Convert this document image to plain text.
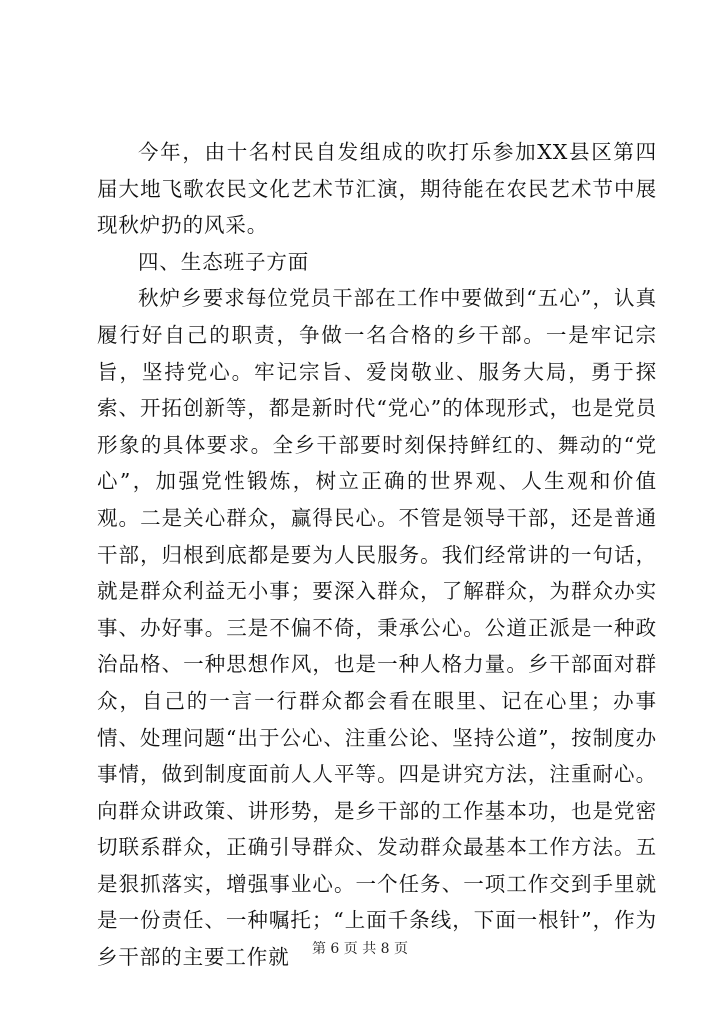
今年，由十名村民自发组成的吹打乐参加XX县区第四届大地飞歌农民文化艺术节汇演，期待能在农民艺术节中展现秋炉扔的风采。

四、生态班子方面

秋炉乡要求每位党员干部在工作中要做到“五心”，认真履行好自己的职责，争做一名合格的乡干部。一是牢记宗旨，坚持党心。牢记宗旨、爱岗敬业、服务大局，勇于探索、开拓创新等，都是新时代“党心”的体现形式，也是党员形象的具体要求。全乡干部要时刻保持鲜红的、舞动的“党心”，加强党性锻炼，树立正确的世界观、人生观和价值观。二是关心群众，赢得民心。不管是领导干部，还是普通干部，归根到底都是要为人民服务。我们经常讲的一句话，就是群众利益无小事；要深入群众，了解群众，为群众办实事、办好事。三是不偏不倚，秉承公心。公道正派是一种政治品格、一种思想作风，也是一种人格力量。乡干部面对群众，自己的一言一行群众都会看在眼里、记在心里；办事情、处理问题“出于公心、注重公论、坚持公道”，按制度办事情，做到制度面前人人平等。四是讲究方法，注重耐心。向群众讲政策、讲形势，是乡干部的工作基本功，也是党密切联系群众，正确引导群众、发动群众最基本工作方法。五是狠抓落实，增强事业心。一个任务、一项工作交到手里就是一份责任、一种嘱托；“上面千条线，下面一根针”，作为乡干部的主要工作就	第 6 页 共 8 页
